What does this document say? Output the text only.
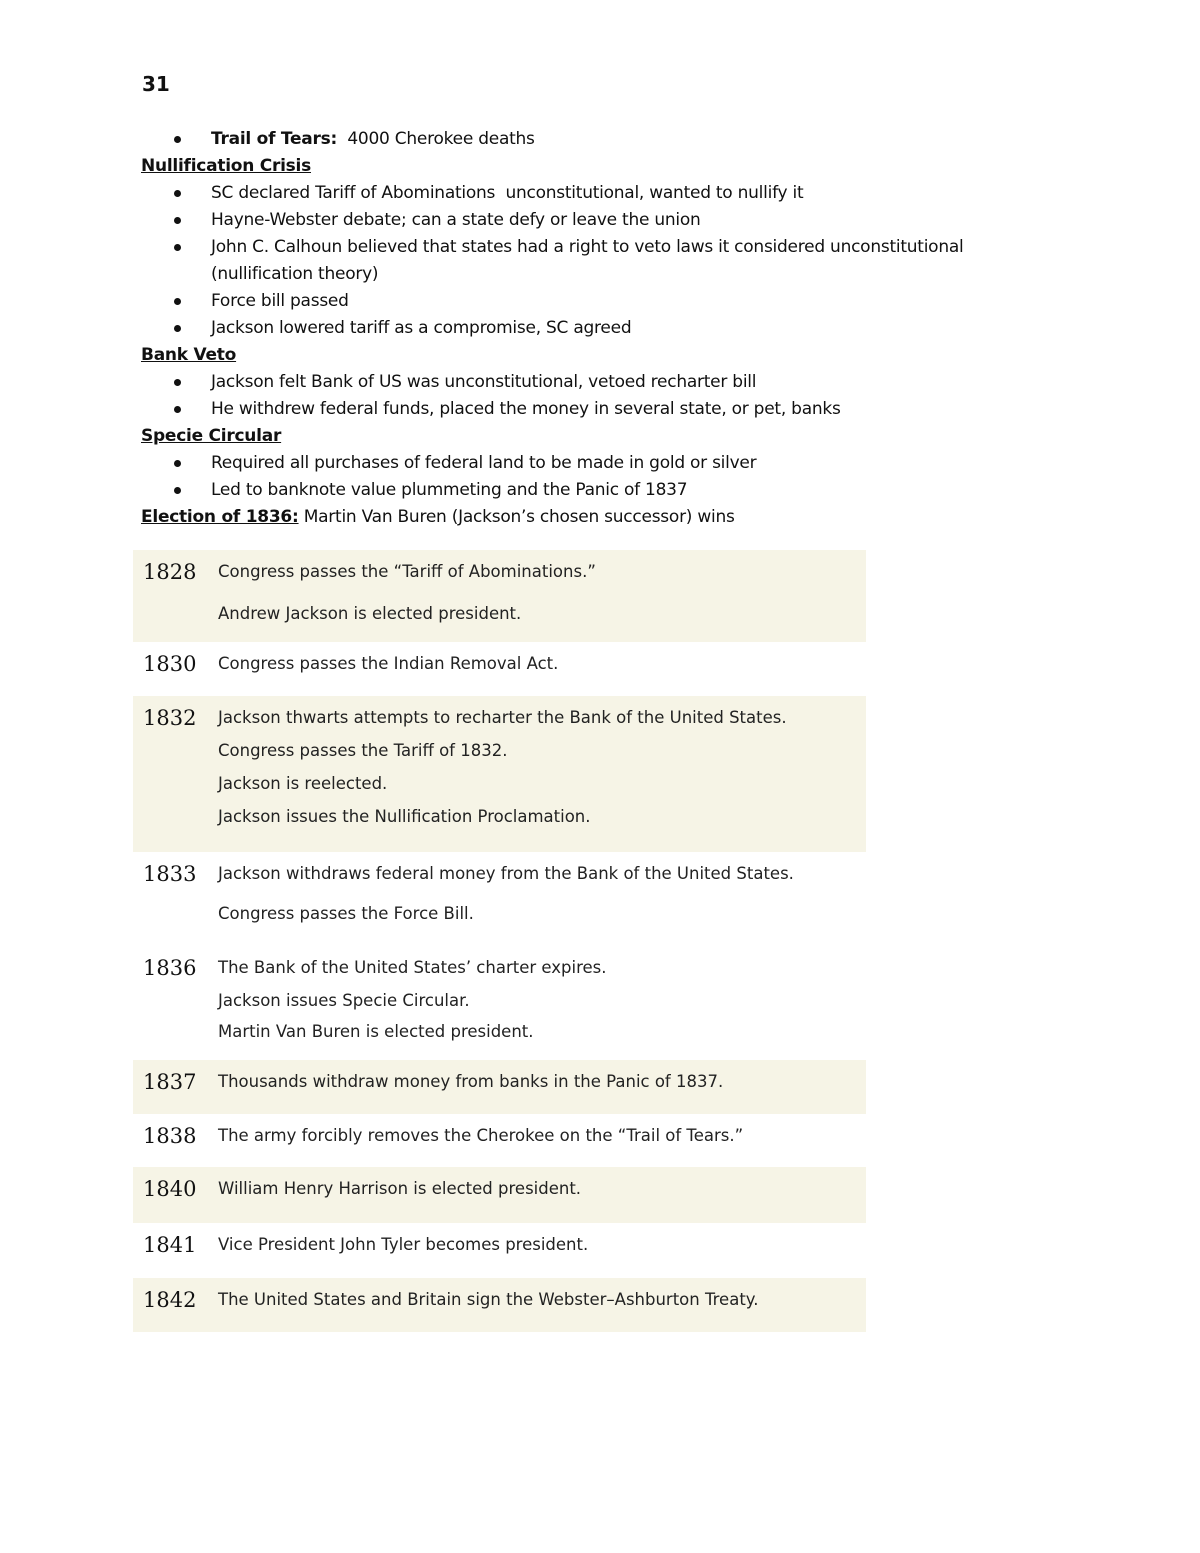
31
Trail of Tears:  4000 Cherokee deaths

Nullification Crisis

SC declared Tariff of Abominations  unconstitutional, wanted to nullify it
Hayne-Webster debate; can a state defy or leave the union
John C. Calhoun believed that states had a right to veto laws it considered unconstitutional (nullification theory)
Force bill passed
Jackson lowered tariff as a compromise, SC agreed

Bank Veto

Jackson felt Bank of US was unconstitutional, vetoed recharter bill
He withdrew federal funds, placed the money in several state, or pet, banks

Specie Circular

Required all purchases of federal land to be made in gold or silver
Led to banknote value plummeting and the Panic of 1837

Election of 1836: Martin Van Buren (Jackson’s chosen successor) wins

1828	Congress passes the “Tariff of Abominations.”
Andrew Jackson is elected president.
1830	Congress passes the Indian Removal Act.
1832	Jackson thwarts attempts to recharter the Bank of the United States.
Congress passes the Tariff of 1832.
Jackson is reelected.
Jackson issues the Nullification Proclamation.
1833	Jackson withdraws federal money from the Bank of the United States.
Congress passes the Force Bill.
1836	The Bank of the United States’ charter expires.
Jackson issues Specie Circular.
Martin Van Buren is elected president.
1837	Thousands withdraw money from banks in the Panic of 1837.
1838	The army forcibly removes the Cherokee on the “Trail of Tears.”
1840	William Henry Harrison is elected president.
1841	Vice President John Tyler becomes president.
1842	The United States and Britain sign the Webster–Ashburton Treaty.
